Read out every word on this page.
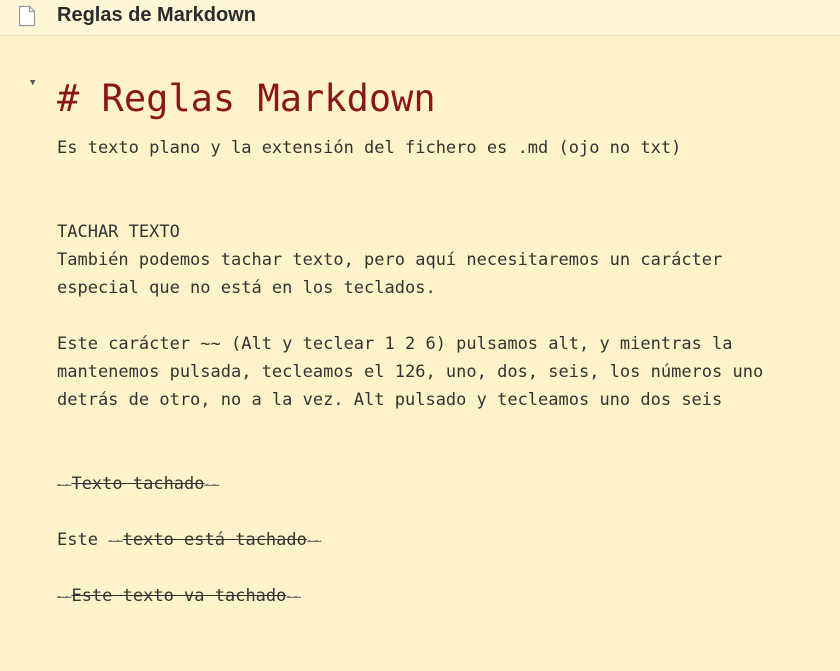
Reglas de Markdown
▼ # Reglas Markdown
Es texto plano y la extensión del fichero es .md (ojo no txt)
TACHAR TEXTO
También podemos tachar texto, pero aquí necesitaremos un carácter
especial que no está en los teclados.
Este carácter ~~ (Alt y teclear 1 2 6) pulsamos alt, y mientras la
mantenemos pulsada, tecleamos el 126, uno, dos, seis, los números uno
detrás de otro, no a la vez. Alt pulsado y tecleamos uno dos seis
~~Texto tachado~~
Este ~~texto está tachado~~
~~Este texto va tachado~~
